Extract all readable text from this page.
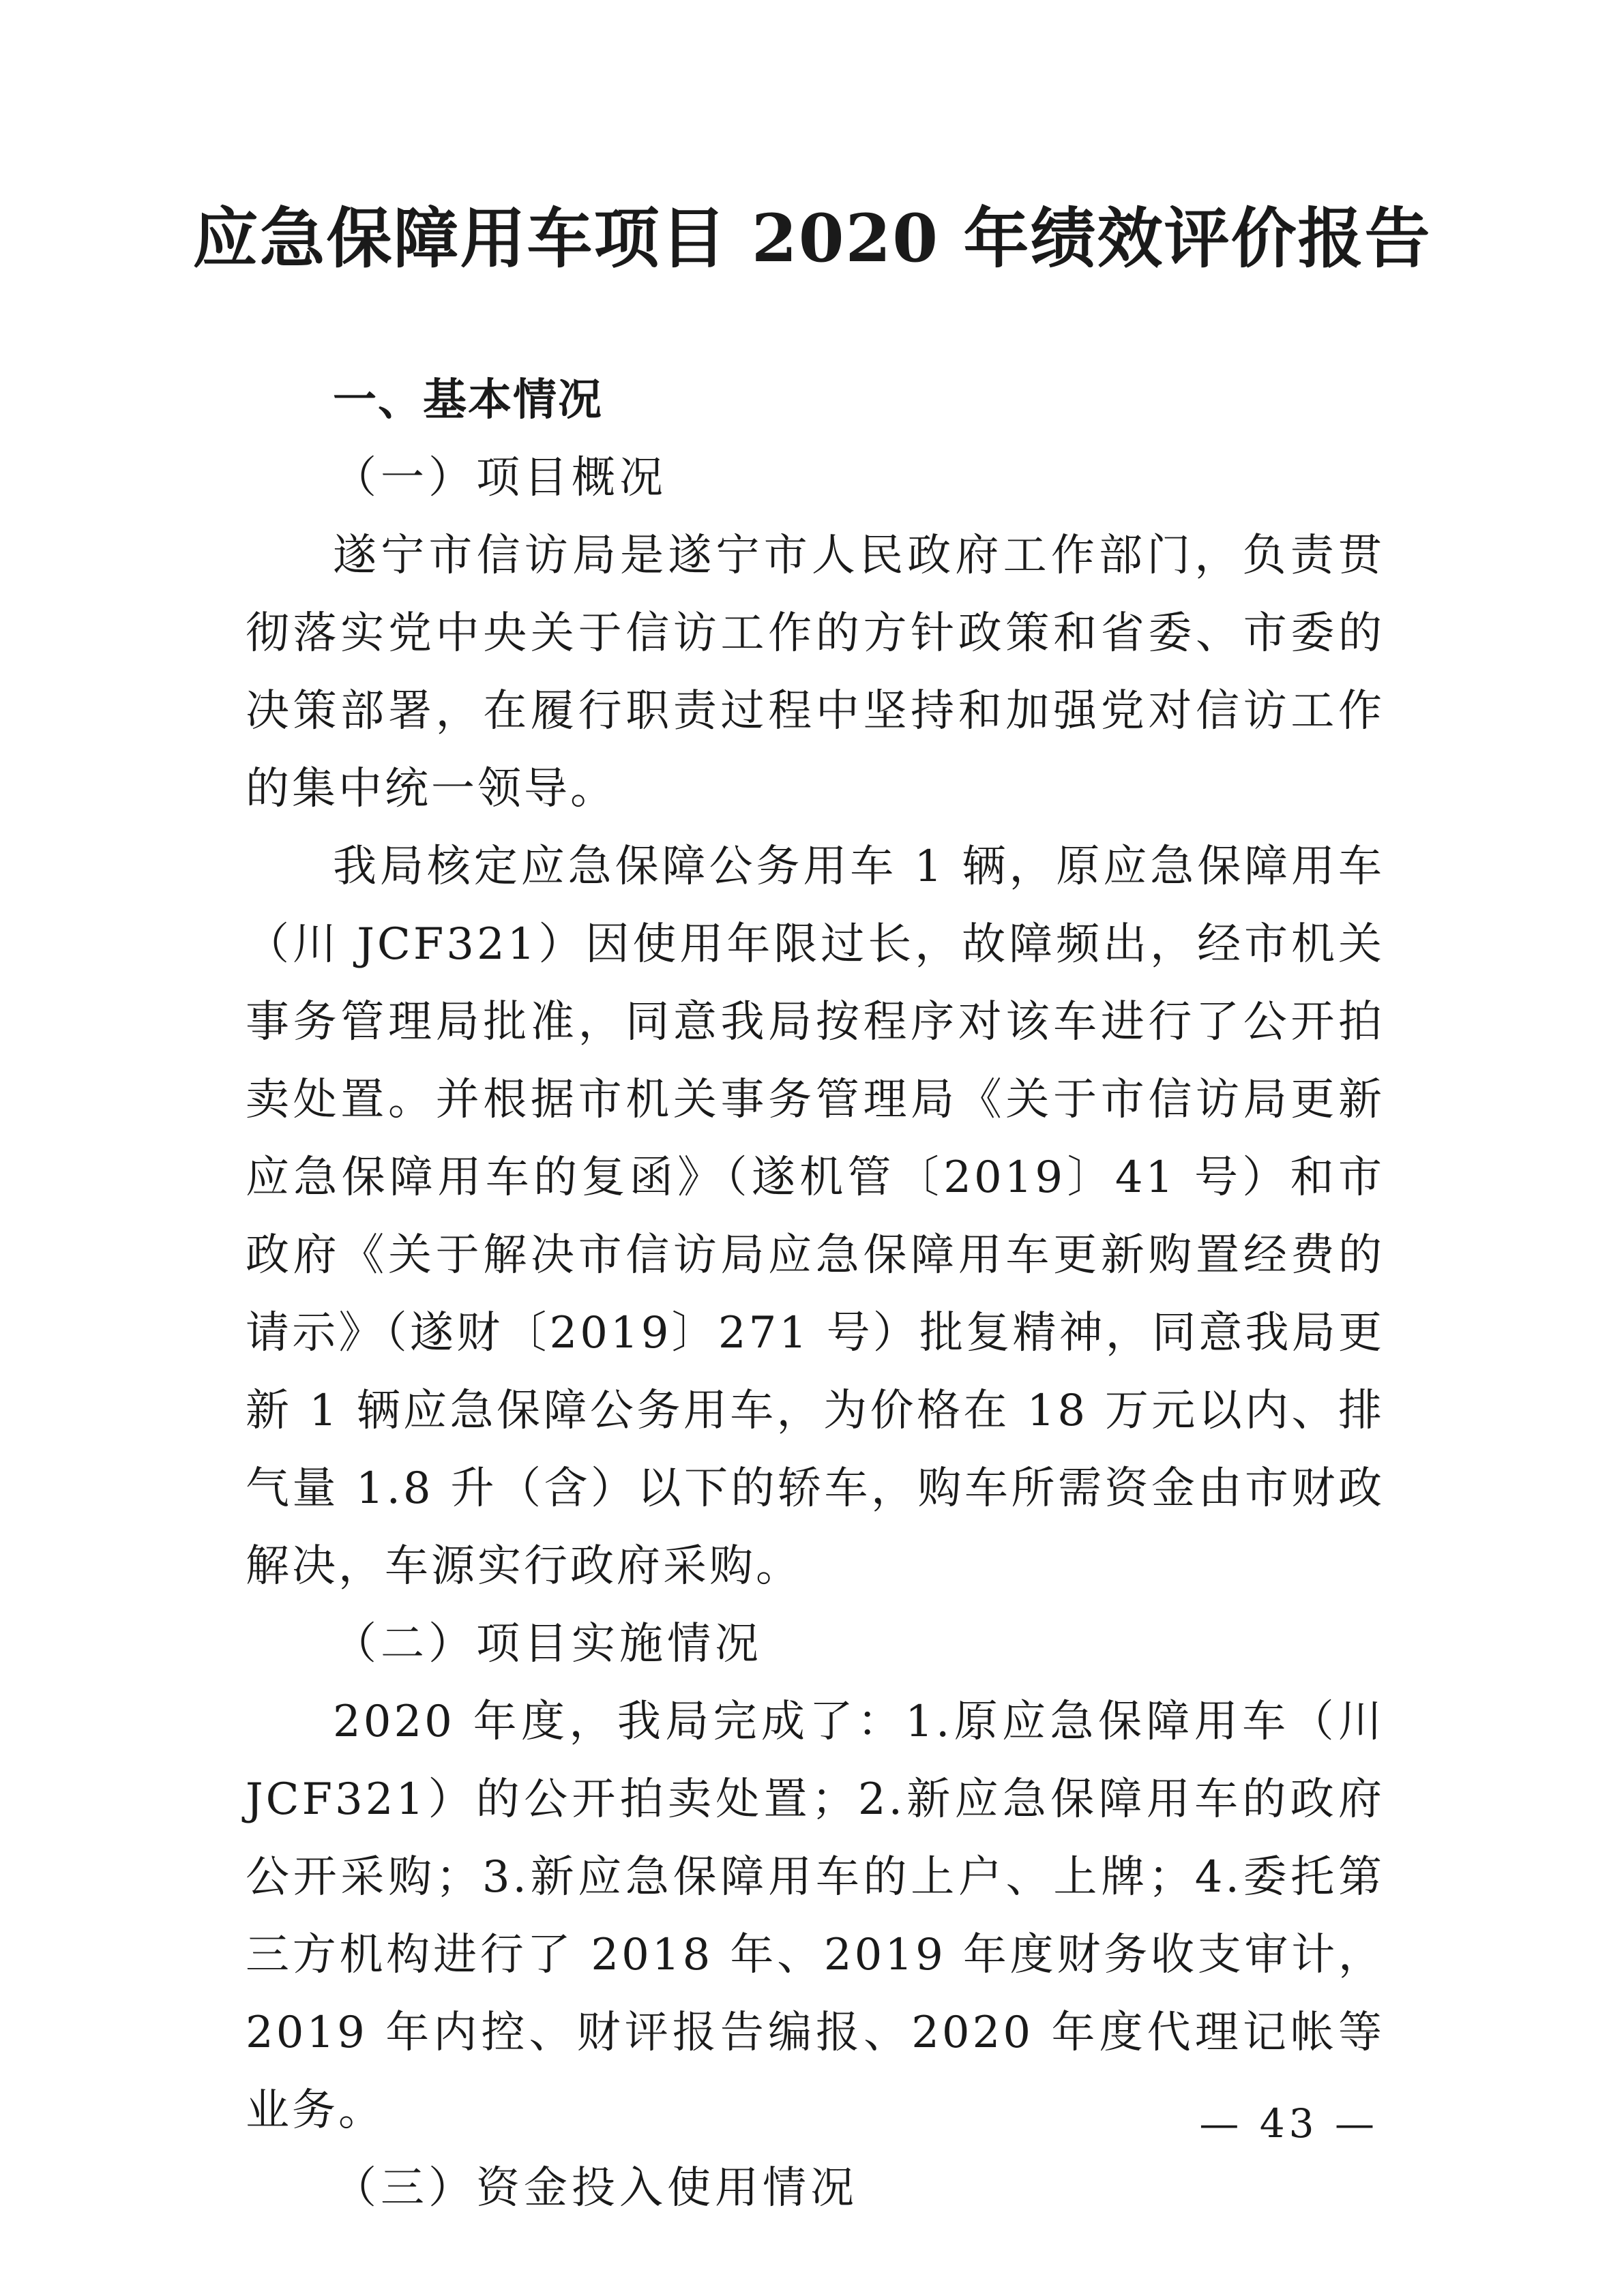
应急保障用车项目 2020 年绩效评价报告

一、基本情况

（一）项目概况

遂宁市信访局是遂宁市人民政府工作部门，负责贯彻落实党中央关于信访工作的方针政策和省委、市委的决策部署，在履行职责过程中坚持和加强党对信访工作的集中统一领导。

我局核定应急保障公务用车 1 辆，原应急保障用车（川 JCF321）因使用年限过长，故障频出，经市机关事务管理局批准，同意我局按程序对该车进行了公开拍卖处置。并根据市机关事务管理局《关于市信访局更新应急保障用车的复函》（遂机管〔2019〕41 号）和市政府《关于解决市信访局应急保障用车更新购置经费的请示》（遂财〔2019〕271 号）批复精神，同意我局更新 1 辆应急保障公务用车，为价格在 18 万元以内、排气量 1.8 升（含）以下的轿车，购车所需资金由市财政解决，车源实行政府采购。

（二）项目实施情况

2020 年度，我局完成了：1.原应急保障用车（川 JCF321）的公开拍卖处置；2.新应急保障用车的政府公开采购；3.新应急保障用车的上户、上牌；4.委托第三方机构进行了 2018 年、2019 年度财务收支审计，2019 年内控、财评报告编报、2020 年度代理记帐等业务。

（三）资金投入使用情况

— 43 —
